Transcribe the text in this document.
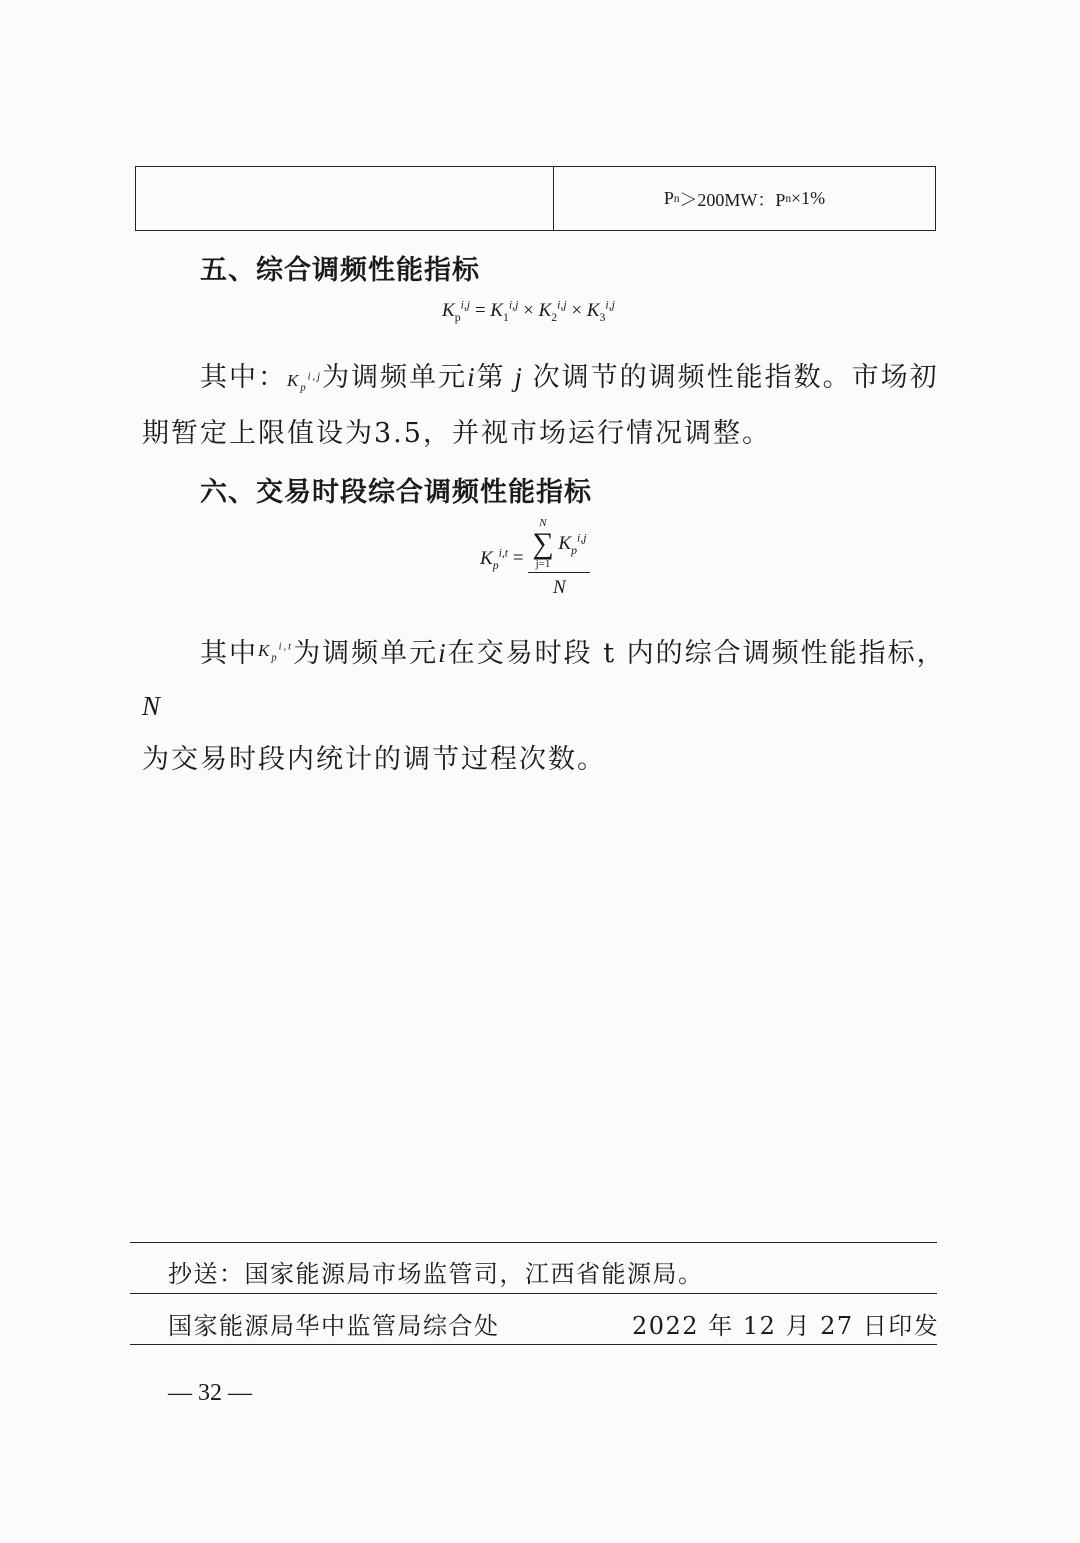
P n ＞200MW：P n ×1%
五、综合调频性能指标
$K_p^{i,j} = K_1^{i,j} \times K_2^{i,j} \times K_3^{i,j}$
其中：$K_p^{i,j}$为调频单元i第 j 次调节的调频性能指数。市场初
期暂定上限值设为3.5，并视市场运行情况调整。
六、交易时段综合调频性能指标
$K_p^{i,t} = N$
∑
j=1
$K_p^{i,j}$
N
其中$^{K_p^{i,t}}$为调频单元i在交易时段 t 内的综合调频性能指标，N
为交易时段内统计的调节过程次数。
抄送：国家能源局市场监管司，江西省能源局。
国家能源局华中监管局综合处	2022 年 12 月 27 日印发
— 32 —
